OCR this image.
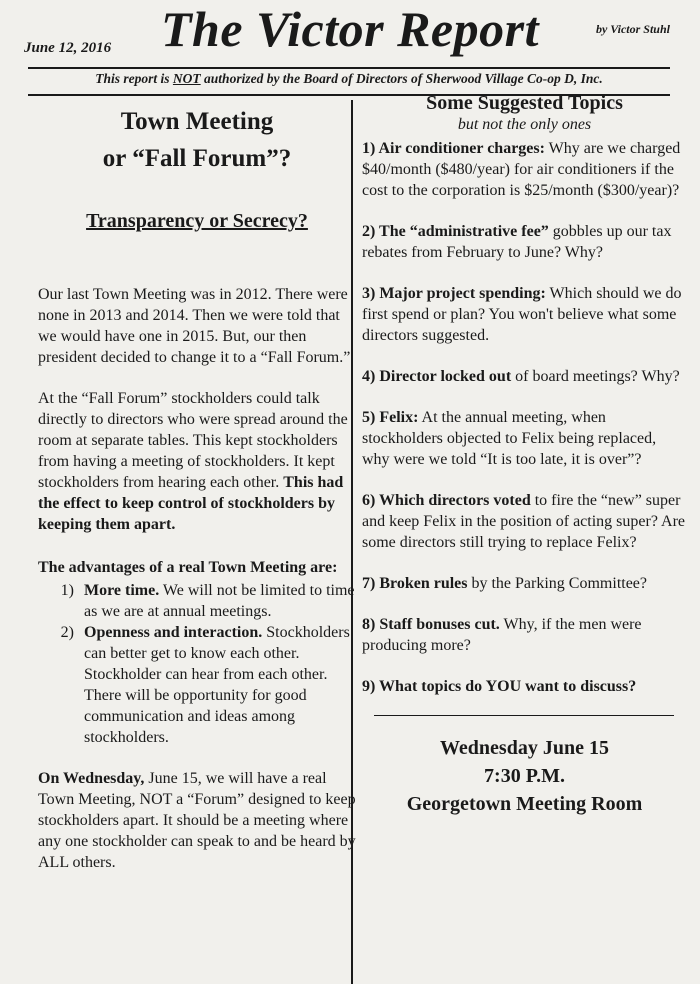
June 12, 2016 The Victor Report	by Victor Stuhl
This report is NOT authorized by the Board of Directors of Sherwood Village Co-op D, Inc.
Town Meeting
or “Fall Forum”?
Transparency or Secrecy?
Our last Town Meeting was in 2012. There were none in 2013 and 2014. Then we were told that we would have one in 2015. But, our then president decided to change it to a “Fall Forum.”
At the “Fall Forum” stockholders could talk directly to directors who were spread around the room at separate tables. This kept stockholders from having a meeting of stockholders. It kept stockholders from hearing each other. This had the effect to keep control of stockholders by keeping them apart.
The advantages of a real Town Meeting are:
1) More time. We will not be limited to time as we are at annual meetings.
2) Openness and interaction. Stockholders can better get to know each other. Stockholder can hear from each other. There will be opportunity for good communication and ideas among stockholders.
On Wednesday, June 15, we will have a real Town Meeting, NOT a “Forum” designed to keep stockholders apart. It should be a meeting where any one stockholder can speak to and be heard by ALL others.
Some Suggested Topics
but not the only ones
1) Air conditioner charges: Why are we charged $40/month ($480/year) for air conditioners if the cost to the corporation is $25/month ($300/year)?
2) The “administrative fee” gobbles up our tax rebates from February to June? Why?
3) Major project spending: Which should we do first spend or plan? You won't believe what some directors suggested.
4) Director locked out of board meetings? Why?
5) Felix: At the annual meeting, when stockholders objected to Felix being replaced, why were we told “It is too late, it is over”?
6) Which directors voted to fire the “new” super and keep Felix in the position of acting super? Are some directors still trying to replace Felix?
7) Broken rules by the Parking Committee?
8) Staff bonuses cut. Why, if the men were producing more?
9) What topics do YOU want to discuss?
Wednesday June 15
7:30 P.M.
Georgetown Meeting Room
